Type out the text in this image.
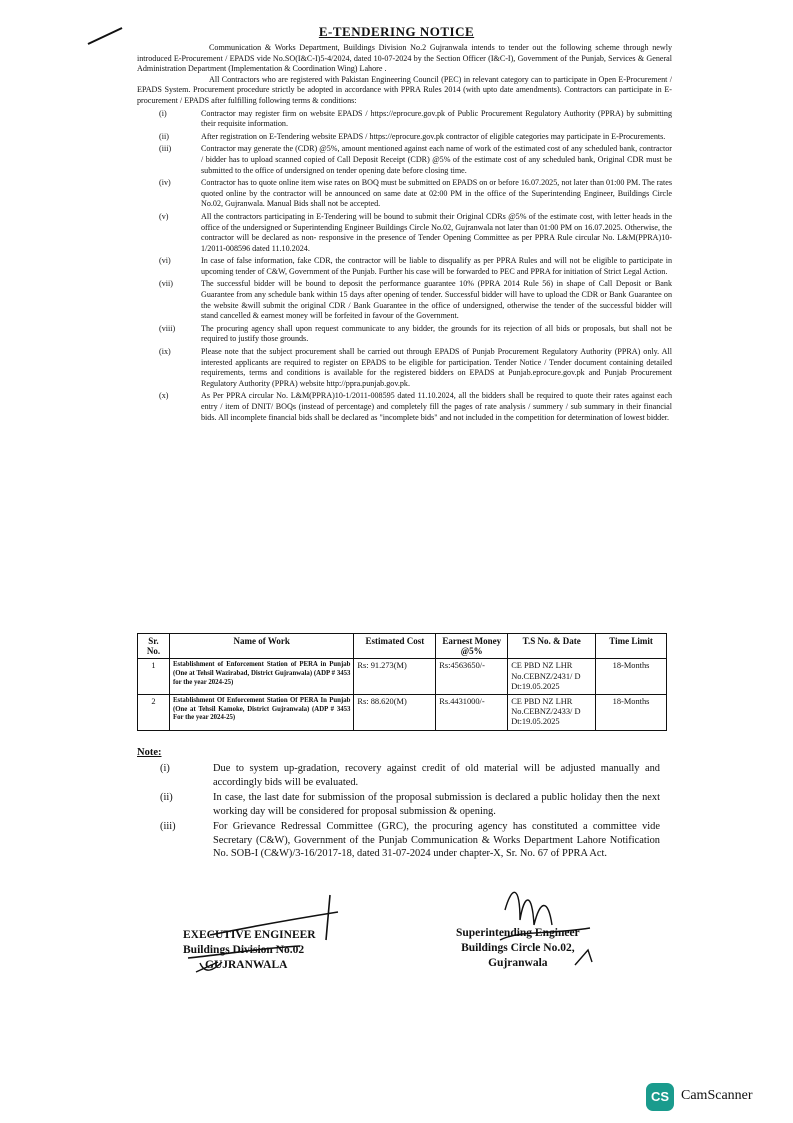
E-TENDERING NOTICE

Communication & Works Department, Buildings Division No.2 Gujranwala intends to tender out the following scheme through newly introduced E-Procurement / EPADS vide No.SO(I&C-I)5-4/2024, dated 10-07-2024 by the Section Officer (I&C-I), Government of the Punjab, Services & General Administration Department (Implementation & Coordination Wing) Lahore .

All Contractors who are registered with Pakistan Engineering Council (PEC) in relevant category can to participate in Open E-Procurement / EPADS System. Procurement procedure strictly be adopted in accordance with PPRA Rules 2014 (with upto date amendments). Contractors can participate in E-procurement / EPADS after fulfilling following terms & conditions:

(i)	Contractor may register firm on website EPADS / https://eprocure.gov.pk of Public Procurement Regulatory Authority (PPRA) by submitting their requisite information.
(ii)	After registration on E-Tendering website EPADS / https://eprocure.gov.pk contractor of eligible categories may participate in E-Procurements.
(iii)	Contractor may generate the (CDR) @5%, amount mentioned against each name of work of the estimated cost of any scheduled bank, contractor / bidder has to upload scanned copied of Call Deposit Receipt (CDR) @5% of the estimate cost of any scheduled bank, Original CDR must be submitted to the office of undersigned on tender opening date before closing time.
(iv)	Contractor has to quote online item wise rates on BOQ must be submitted on EPADS on or before 16.07.2025, not later than 01:00 PM. The rates quoted online by the contractor will be announced on same date at 02:00 PM in the office of the Superintending Engineer, Buildings Circle No.02, Gujranwala. Manual Bids shall not be accepted.
(v)	All the contractors participating in E-Tendering will be bound to submit their Original CDRs @5% of the estimate cost, with letter heads in the office of the undersigned or Superintending Engineer Buildings Circle No.02, Gujranwala not later than 01:00 PM on 16.07.2025. Otherwise, the contractor will be declared as non- responsive in the presence of Tender Opening Committee as per PPRA Rule circular No. L&M(PPRA)10-1/2011-008596 dated 11.10.2024.
(vi)	In case of false information, fake CDR, the contractor will be liable to disqualify as per PPRA Rules and will not be eligible to participate in upcoming tender of C&W, Government of the Punjab. Further his case will be forwarded to PEC and PPRA for initiation of Strict Legal Action.
(vii)	The successful bidder will be bound to deposit the performance guarantee 10% (PPRA 2014 Rule 56) in shape of Call Deposit or Bank Guarantee from any schedule bank within 15 days after opening of tender. Successful bidder will have to upload the CDR or Bank Guarantee on the website &will submit the original CDR / Bank Guarantee in the office of undersigned, otherwise the tender of the successful bidder will stand cancelled & earnest money will be forfeited in favour of the Government.
(viii)	The procuring agency shall upon request communicate to any bidder, the grounds for its rejection of all bids or proposals, but shall not be required to justify those grounds.
(ix)	Please note that the subject procurement shall be carried out through EPADS of Punjab Procurement Regulatory Authority (PPRA) only. All interested applicants are required to register on EPADS to be eligible for participation. Tender Notice / Tender document containing detailed requirements, terms and conditions is available for the registered bidders on EPADS at Punjab.eprocure.gov.pk and Punjab Procurement Regulatory Authority (PPRA) website http://ppra.punjab.gov.pk.
(x)	As Per PPRA circular No. L&M(PPRA)10-1/2011-008595 dated 11.10.2024, all the bidders shall be required to quote their rates against each entry / item of DNIT/ BOQs (instead of percentage) and completely fill the pages of rate analysis / summery / sub summary in their financial bids. All incomplete financial bids shall be declared as "incomplete bids" and not included in the competition for determination of lowest bidder.
Sr. No.	Name of Work	Estimated Cost	Earnest Money @5%	T.S No. & Date	Time Limit
1	Establishment of Enforcement Station of PERA in Punjab (One at Tehsil Wazirabad, District Gujranwala) (ADP # 3453 for the year 2024-25)	Rs: 91.273(M)	Rs:4563650/-	CE PBD NZ LHR No.CEBNZ/2431/ D Dt:19.05.2025	18-Months
2	Establishment Of Enforcement Station Of PERA In Punjab (One at Tehsil Kamoke, District Gujranwala) (ADP # 3453 For the year 2024-25)	Rs: 88.620(M)	Rs.4431000/-	CE PBD NZ LHR No.CEBNZ/2433/ D Dt:19.05.2025	18-Months
Note:
(i)	Due to system up-gradation, recovery against credit of old material will be adjusted manually and accordingly bids will be evaluated.
(ii)	In case, the last date for submission of the proposal submission is declared a public holiday then the next working day will be considered for proposal submission & opening.
(iii)	For Grievance Redressal Committee (GRC), the procuring agency has constituted a committee vide Secretary (C&W), Government of the Punjab Communication & Works Department Lahore Notification No. SOB-I (C&W)/3-16/2017-18, dated 31-07-2024 under chapter-X, Sr. No. 67 of PPRA Act.
EXECUTIVE ENGINEER
Buildings Division No.02
GUJRANWALA
Superintending Engineer
Buildings Circle No.02,
Gujranwala
CS CamScanner
